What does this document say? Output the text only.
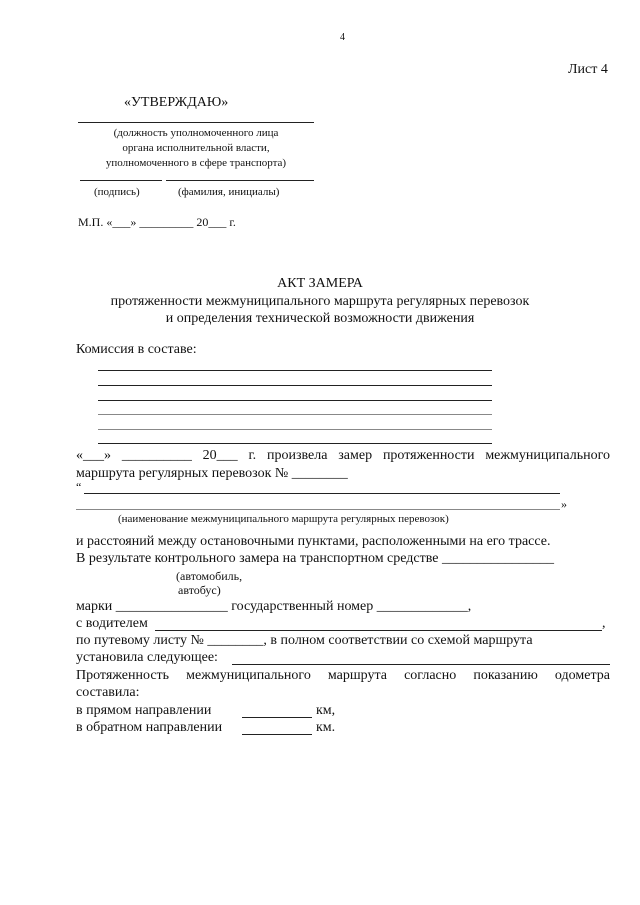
4
Лист 4
«УТВЕРЖДАЮ»
(должность уполномоченного лица
органа исполнительной власти,
уполномоченного в сфере транспорта)
(подпись)	(фамилия, инициалы)
М.П. «___» _________ 20___ г.
АКТ ЗАМЕРА
протяженности межмуниципального маршрута регулярных перевозок
и определения технической возможности движения
Комиссия в составе:
«___» __________ 20___ г. произвела замер протяженности межмуниципального
маршрута регулярных перевозок № ________
“
»
(наименование межмуниципального маршрута регулярных перевозок)
и расстояний между остановочными пунктами, расположенными на его трассе.
В результате контрольного замера на транспортном средстве ________________
(автомобиль,
автобус)
марки ________________ государственный номер _____________,
с водителем	,
по путевому листу № ________, в полном соответствии со схемой маршрута
установила следующее:
Протяженность межмуниципального маршрута согласно показанию одометра
составила:
в прямом направлении	км,
в обратном направлении	км.
